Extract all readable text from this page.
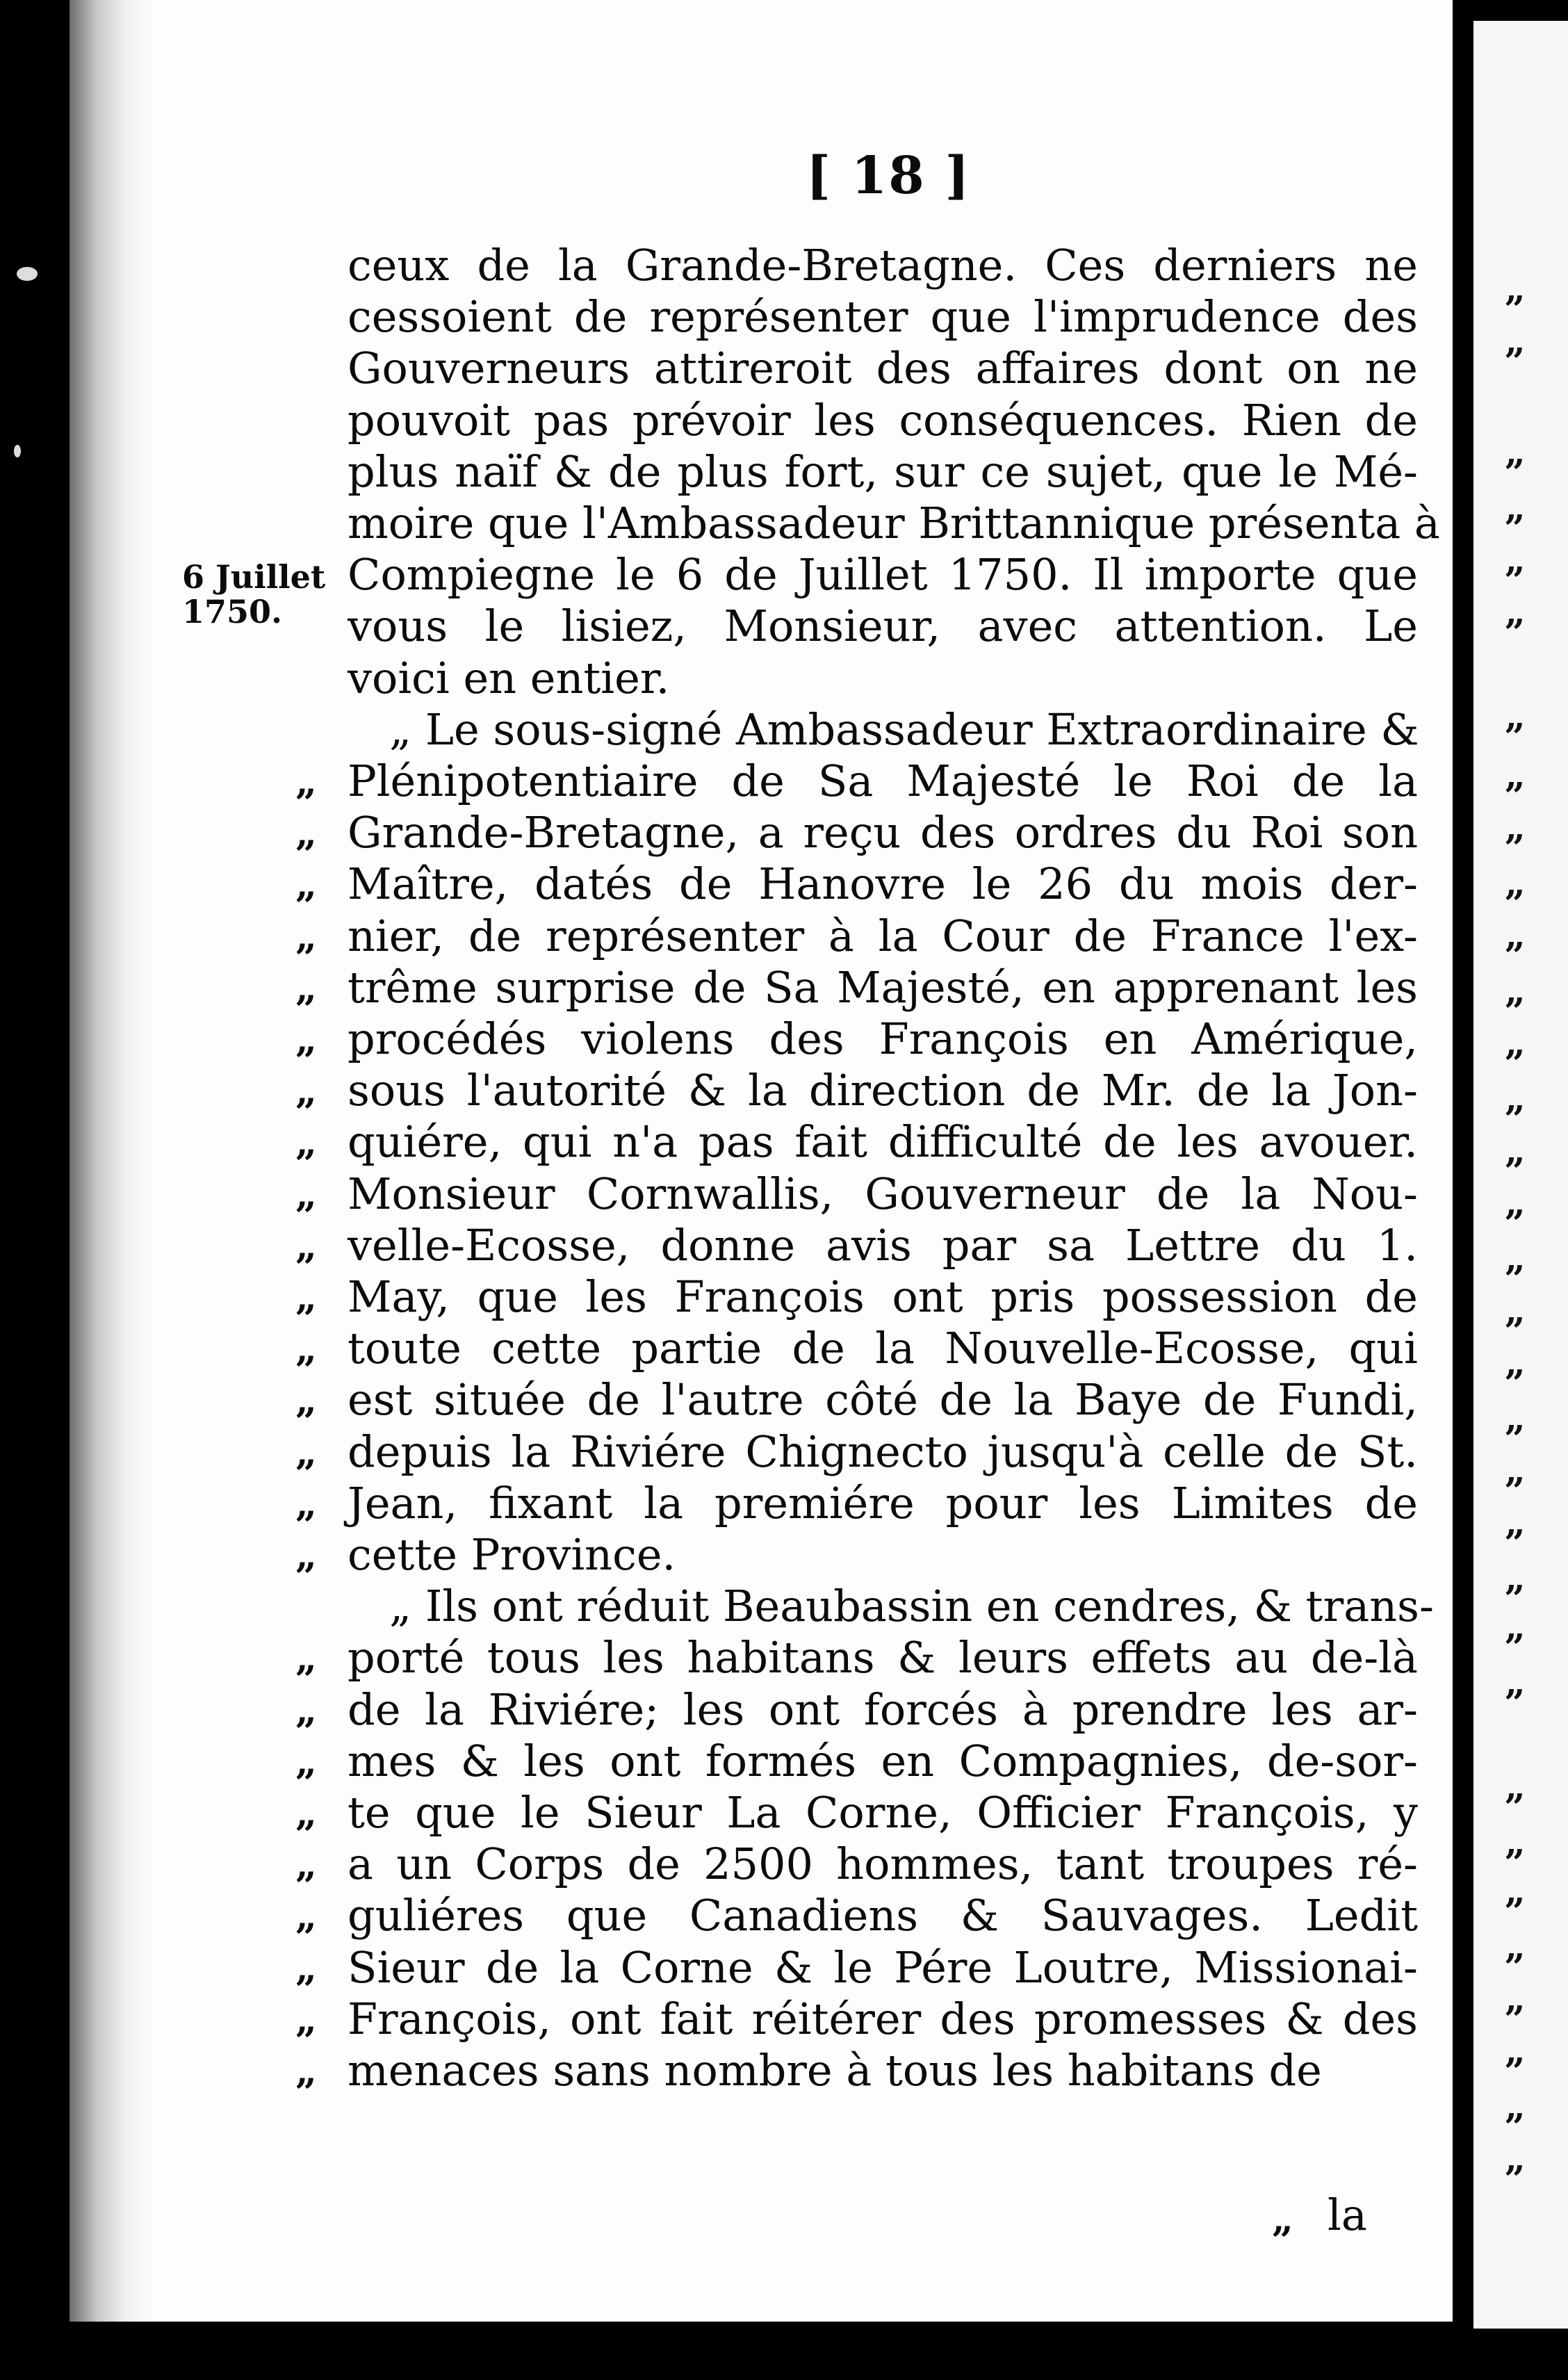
[ 18 ]
6 Juillet
1750.
ceux de la Grande-Bretagne. Ces derniers ne
cessoient de représenter que l'imprudence des
Gouverneurs attireroit des affaires dont on ne
pouvoit pas prévoir les conséquences. Rien de
plus naïf & de plus fort, sur ce sujet, que le Mé-
moire que l'Ambassadeur Brittannique présenta à
Compiegne le 6 de Juillet 1750. Il importe que
vous le lisiez, Monsieur, avec attention. Le
voici en entier.
„ Le sous-signé Ambassadeur Extraordinaire &
Plénipotentiaire de Sa Majesté le Roi de la
„
Grande-Bretagne, a reçu des ordres du Roi son
„
Maître, datés de Hanovre le 26 du mois der-
„
nier, de représenter à la Cour de France l'ex-
„
trême surprise de Sa Majesté, en apprenant les
„
procédés violens des François en Amérique,
„
sous l'autorité & la direction de Mr. de la Jon-
„
quiére, qui n'a pas fait difficulté de les avouer.
„
Monsieur Cornwallis, Gouverneur de la Nou-
„
velle-Ecosse, donne avis par sa Lettre du 1.
„
May, que les François ont pris possession de
„
toute cette partie de la Nouvelle-Ecosse, qui
„
est située de l'autre côté de la Baye de Fundi,
„
depuis la Riviére Chignecto jusqu'à celle de St.
„
Jean, fixant la premiére pour les Limites de
„
cette Province.
„
„ Ils ont réduit Beaubassin en cendres, & trans-
porté tous les habitans & leurs effets au de-là
„
de la Riviére; les ont forcés à prendre les ar-
„
mes & les ont formés en Compagnies, de-sor-
„
te que le Sieur La Corne, Officier François, y
„
a un Corps de 2500 hommes, tant troupes ré-
„
guliéres que Canadiens & Sauvages. Ledit
„
Sieur de la Corne & le Pére Loutre, Missionai-
„
François, ont fait réitérer des promesses & des
„
menaces sans nombre à tous les habitans de
„
„ la
„
„
„
„
„
„
„
„
„
„
„
„
„
„
„
„
„
„
„
„
„
„
„
„
„
„
„
„
„
„
„
„
„
